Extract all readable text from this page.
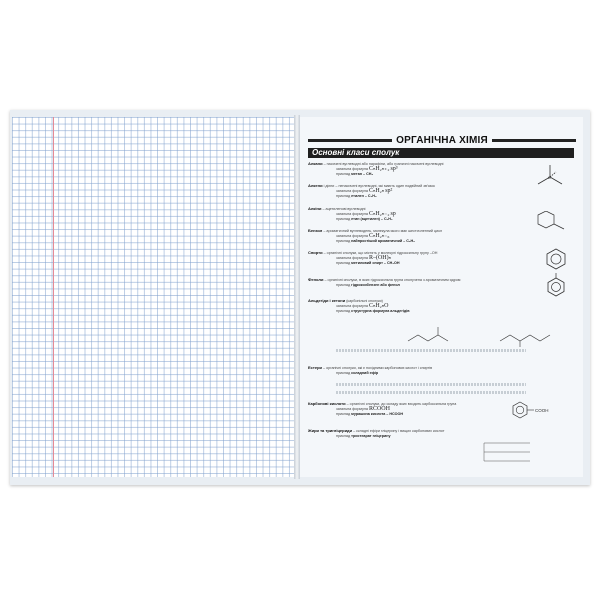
ОРГАНІЧНА ХІМІЯ
Основні класи сполук
Алкани – насичені вуглеводні або парафіни, або граничні насичені вуглеводні
загальна формула CₙH₂ₙ₊₂ sp³
приклад метан – CH₄
C
Алкени і дієни – ненасичені вуглеводні, які мають один подвійний зв'язок
загальна формула CₙH₂ₙ sp²
приклад етилен – C₂H₄
Алкіни – ацетиленові вуглеводні
загальна формула CₙH₂ₙ₋₂ sp
приклад етин (ацетилен) – C₂H₂
Бензол – ароматичний вуглеводень, молекула якого має шестичленний цикл
загальна формула CₙH₂ₙ₋₆
приклад найпростіший ароматичний – C₆H₆
Спирти – органічні сполуки, що містять у молекулі гідроксильну групу –OH
загальна формула R–(OH)ₙ
приклад метиловий спирт – CH₃OH
Феноли – органічні сполуки, в яких гідроксильна група сполучена з ароматичним ядром
приклад гідроксибензен або фенол
Альдегіди і кетони (карбонільні сполуки)
загальна формула CₙH₂ₙO
приклад структурна формула альдегідів
Естери – органічні сполуки, які є похідними карбонових кислот і спиртів
приклад складний ефір
Карбонові кислоти – органічні сполуки, до складу яких входить карбоксильна група
загальна формула RCOOH
приклад мурашина кислота – HCOOH
COOH
Жири та тригліцериди – складні ефіри гліцерину і вищих карбонових кислот
приклад тристеарат гліцерину
